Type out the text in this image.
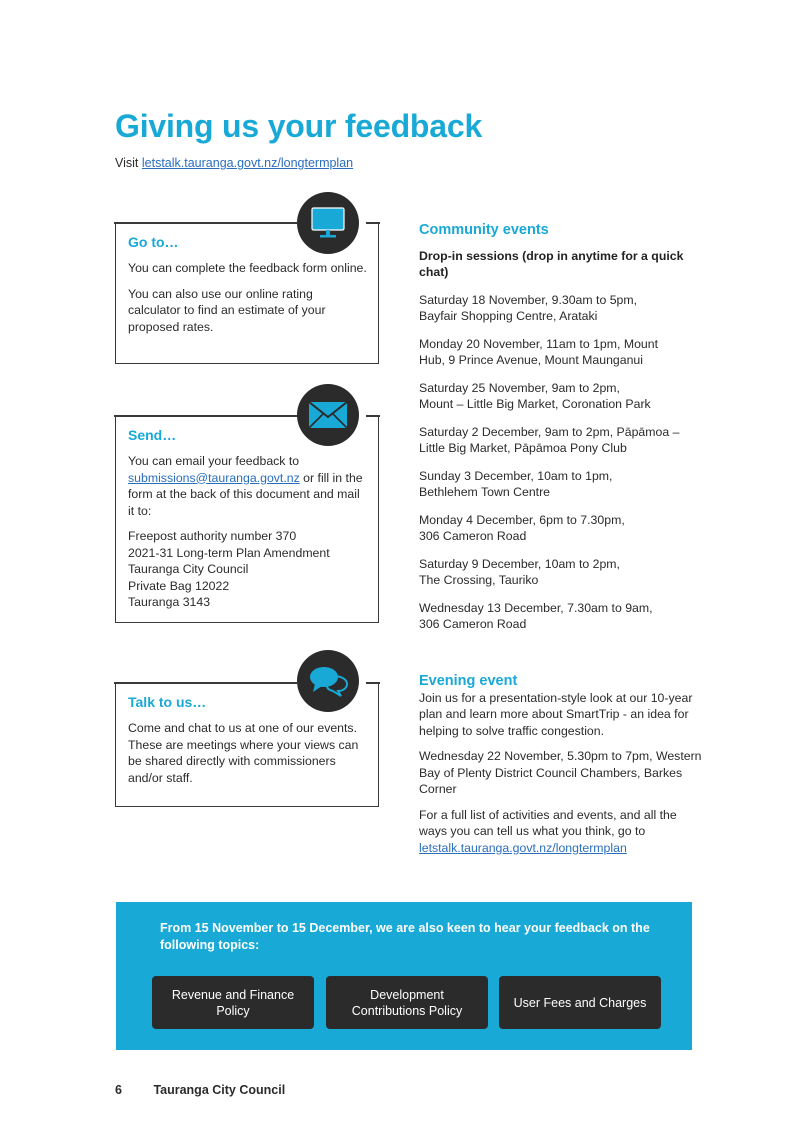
Giving us your feedback
Visit letstalk.tauranga.govt.nz/longtermplan
Go to…

You can complete the feedback form online.

You can also use our online rating calculator to find an estimate of your proposed rates.

Send…

You can email your feedback to submissions@tauranga.govt.nz or fill in the form at the back of this document and mail it to:

Freepost authority number 370
2021-31 Long-term Plan Amendment
Tauranga City Council
Private Bag 12022
Tauranga 3143
Talk to us…

Come and chat to us at one of our events. These are meetings where your views can be shared directly with commissioners and/or staff.

Community events

Drop-in sessions (drop in anytime for a quick chat)

Saturday 18 November, 9.30am to 5pm,
Bayfair Shopping Centre, Arataki

Monday 20 November, 11am to 1pm, Mount
Hub, 9 Prince Avenue, Mount Maunganui

Saturday 25 November, 9am to 2pm,
Mount – Little Big Market, Coronation Park

Saturday 2 December, 9am to 2pm, Pāpāmoa –
Little Big Market, Pāpāmoa Pony Club

Sunday 3 December, 10am to 1pm,
Bethlehem Town Centre

Monday 4 December, 6pm to 7.30pm,
306 Cameron Road

Saturday 9 December, 10am to 2pm,
The Crossing, Tauriko

Wednesday 13 December, 7.30am to 9am,
306 Cameron Road

Evening event

Join us for a presentation-style look at our 10-year plan and learn more about SmartTrip - an idea for helping to solve traffic congestion.

Wednesday 22 November, 5.30pm to 7pm, Western Bay of Plenty District Council Chambers, Barkes Corner

For a full list of activities and events, and all the ways you can tell us what you think, go to letstalk.tauranga.govt.nz/longtermplan

From 15 November to 15 December, we are also keen to hear your feedback on the following topics:
Revenue and Finance Policy
Development Contributions Policy
User Fees and Charges
6	Tauranga City Council
